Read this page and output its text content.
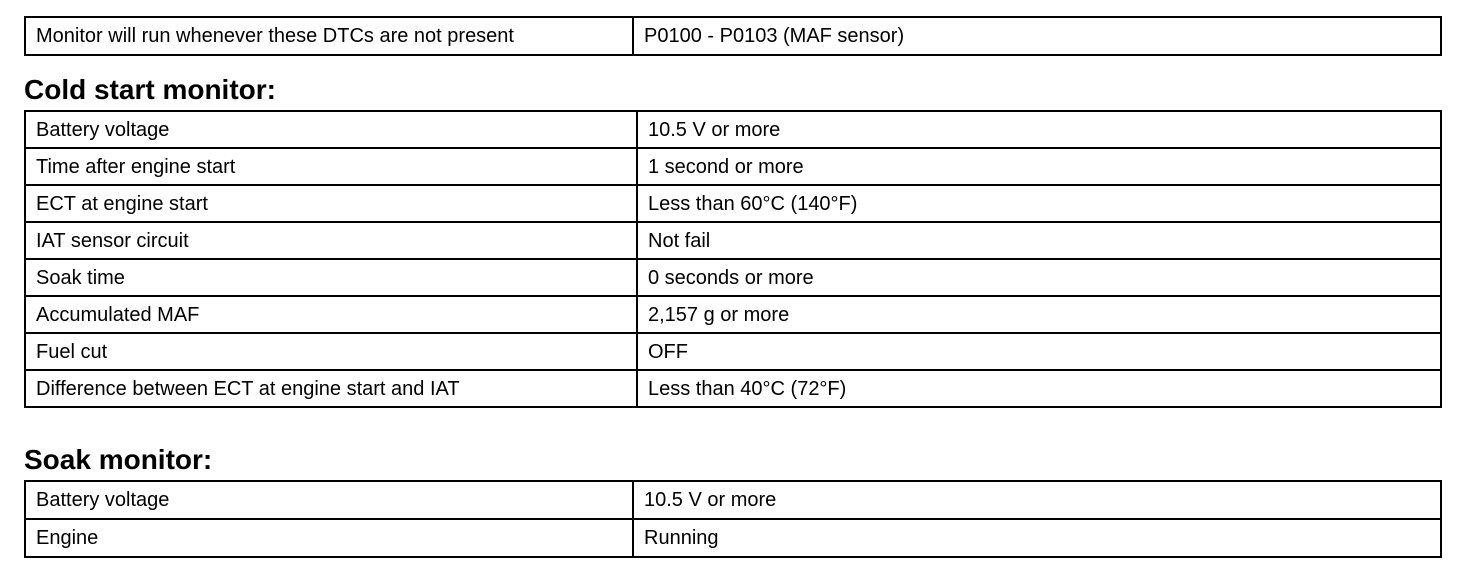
Monitor will run whenever these DTCs are not present	P0100 - P0103 (MAF sensor)
Cold start monitor:
Battery voltage	10.5 V or more
Time after engine start	1 second or more
ECT at engine start	Less than 60°C (140°F)
IAT sensor circuit	Not fail
Soak time	0 seconds or more
Accumulated MAF	2,157 g or more
Fuel cut	OFF
Difference between ECT at engine start and IAT	Less than 40°C (72°F)
Soak monitor:
Battery voltage	10.5 V or more
Engine	Running
